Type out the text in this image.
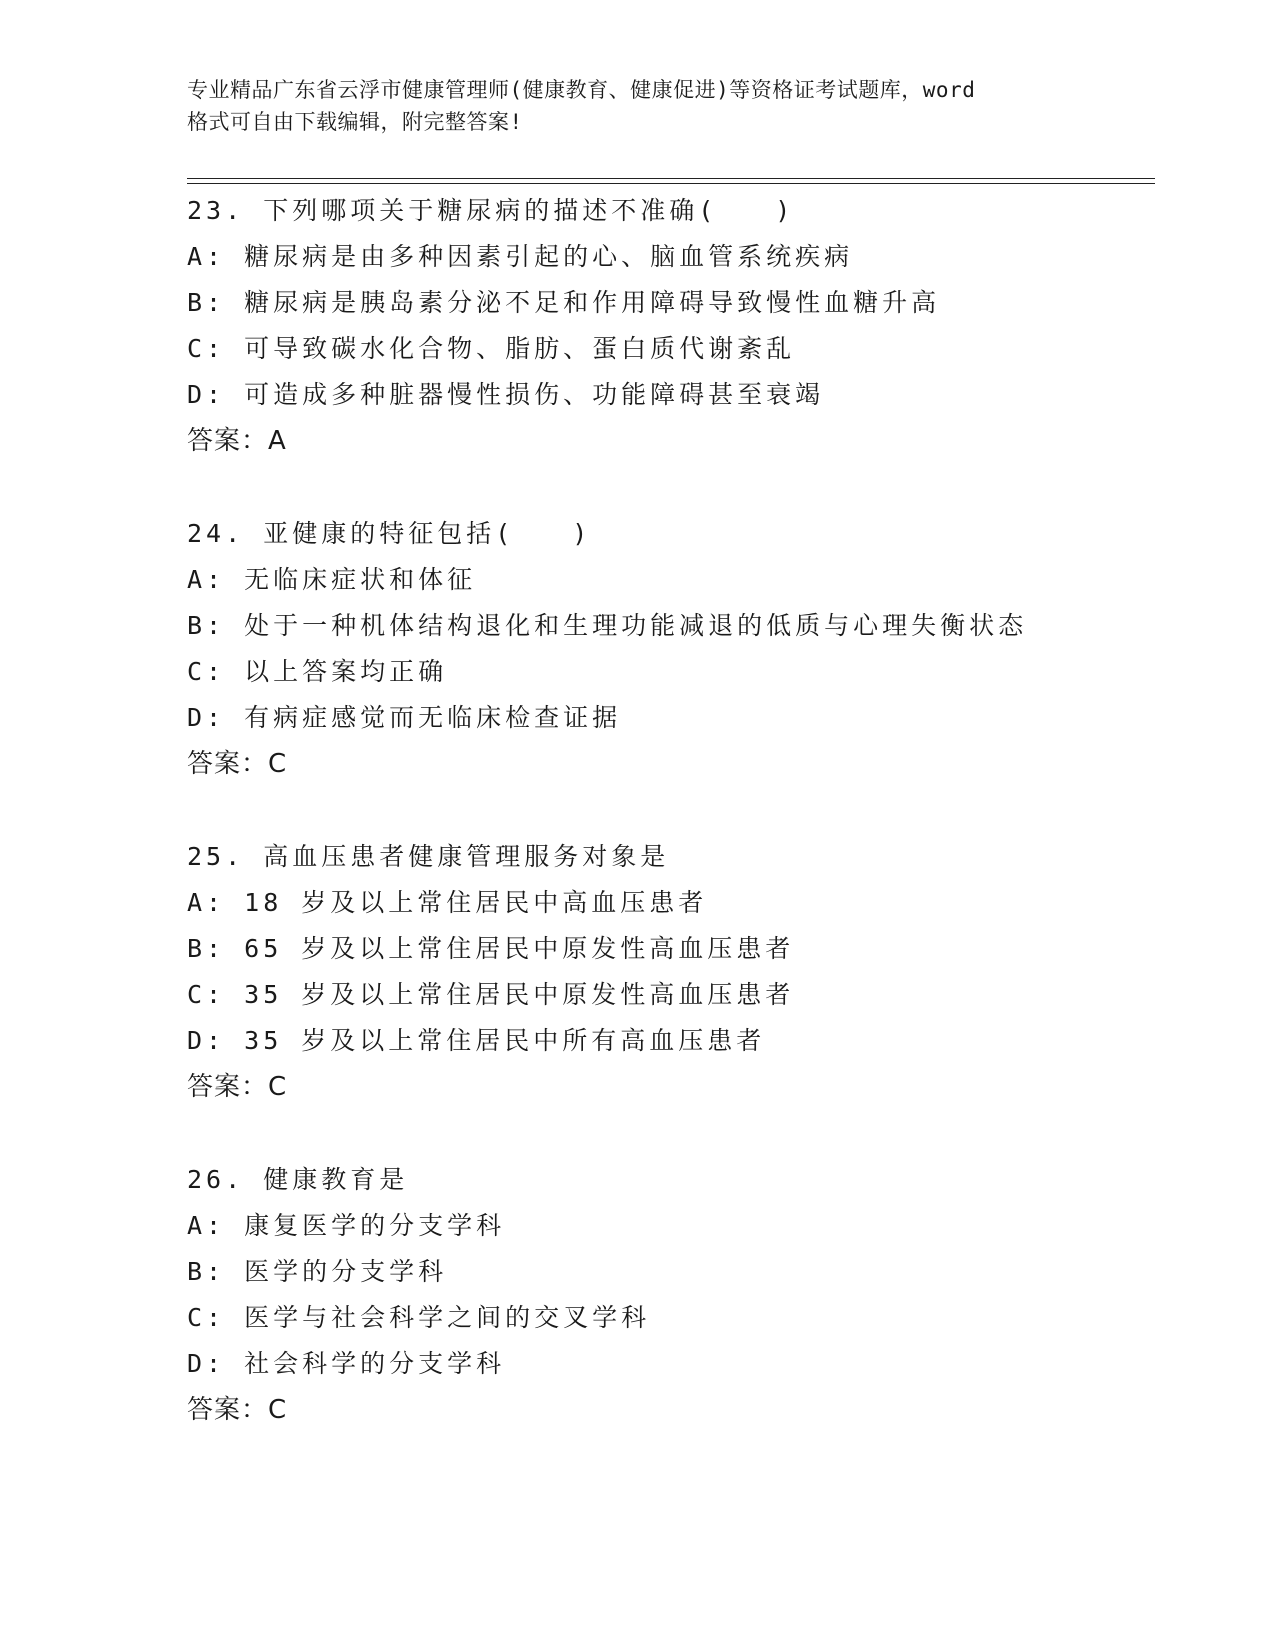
专业精品广东省云浮市健康管理师(健康教育、健康促进)等资格证考试题库，word

格式可自由下载编辑，附完整答案!

23. 下列哪项关于糖尿病的描述不准确(　　)
A: 糖尿病是由多种因素引起的心、脑血管系统疾病
B: 糖尿病是胰岛素分泌不足和作用障碍导致慢性血糖升高
C: 可导致碳水化合物、脂肪、蛋白质代谢紊乱
D: 可造成多种脏器慢性损伤、功能障碍甚至衰竭
答案：A
24. 亚健康的特征包括(　　)
A: 无临床症状和体征
B: 处于一种机体结构退化和生理功能减退的低质与心理失衡状态
C: 以上答案均正确
D: 有病症感觉而无临床检查证据
答案：C
25. 高血压患者健康管理服务对象是
A: 18 岁及以上常住居民中高血压患者
B: 65 岁及以上常住居民中原发性高血压患者
C: 35 岁及以上常住居民中原发性高血压患者
D: 35 岁及以上常住居民中所有高血压患者
答案：C
26. 健康教育是
A: 康复医学的分支学科
B: 医学的分支学科
C: 医学与社会科学之间的交叉学科
D: 社会科学的分支学科
答案：C
